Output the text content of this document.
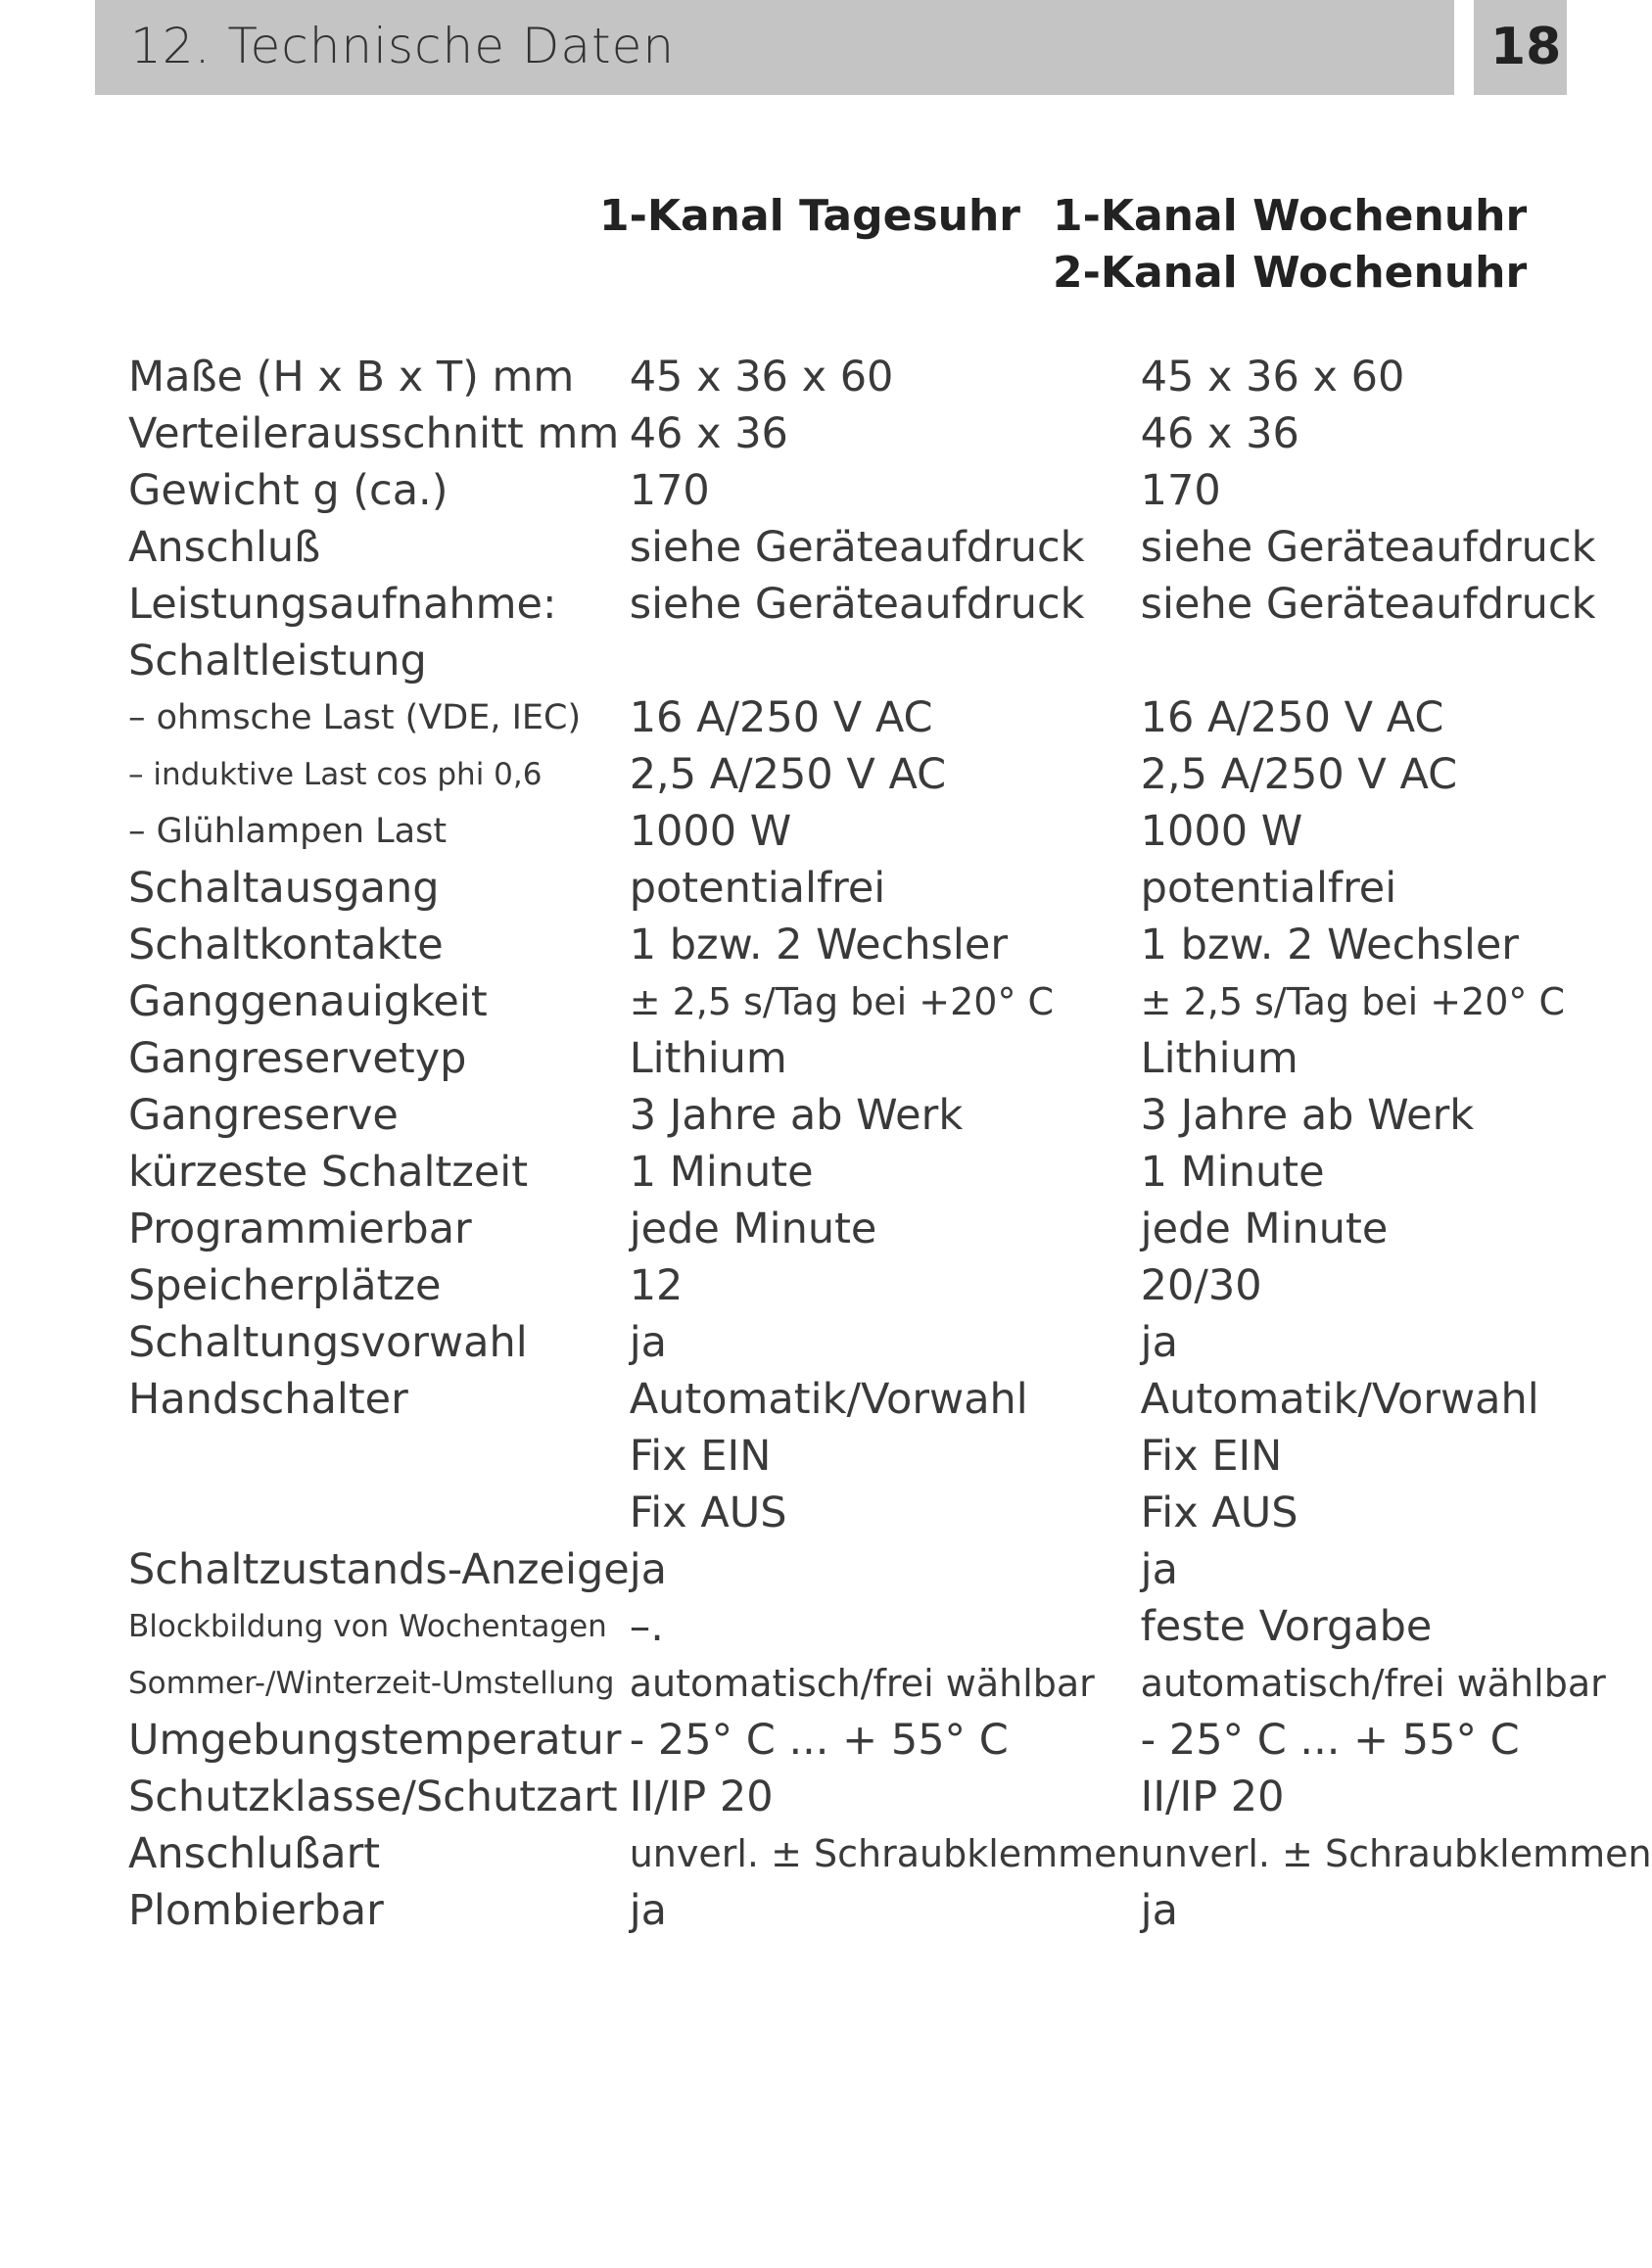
12. Technische Daten	18
1-Kanal Tagesuhr 1-Kanal Wochenuhr
2-Kanal Wochenuhr
Maße (H x B x T) mm	45 x 36 x 60	45 x 36 x 60
Verteilerausschnitt mm	46 x 36	46 x 36
Gewicht g (ca.)	170	170
Anschluß	siehe Geräteaufdruck	siehe Geräteaufdruck
Leistungsaufnahme:	siehe Geräteaufdruck	siehe Geräteaufdruck
Schaltleistung		
– ohmsche Last (VDE, IEC)	16 A/250 V AC	16 A/250 V AC
– induktive Last cos phi 0,6	2,5 A/250 V AC	2,5 A/250 V AC
– Glühlampen Last	1000 W	1000 W
Schaltausgang	potentialfrei	potentialfrei
Schaltkontakte	1 bzw. 2 Wechsler	1 bzw. 2 Wechsler
Ganggenauigkeit	± 2,5 s/Tag bei +20° C	± 2,5 s/Tag bei +20° C
Gangreservetyp	Lithium	Lithium
Gangreserve	3 Jahre ab Werk	3 Jahre ab Werk
kürzeste Schaltzeit	1 Minute	1 Minute
Programmierbar	jede Minute	jede Minute
Speicherplätze	12	20/30
Schaltungsvorwahl	ja	ja
Handschalter	Automatik/Vorwahl	Automatik/Vorwahl
	Fix EIN	Fix EIN
	Fix AUS	Fix AUS
Schaltzustands-Anzeige	ja	ja
Blockbildung von Wochentagen	–.	feste Vorgabe
Sommer-/Winterzeit-Umstellung	automatisch/frei wählbar	automatisch/frei wählbar
Umgebungstemperatur	- 25° C ... + 55° C	- 25° C ... + 55° C
Schutzklasse/Schutzart	II/IP 20	II/IP 20
Anschlußart	unverl. ± Schraubklemmen	unverl. ± Schraubklemmen
Plombierbar	ja	ja
